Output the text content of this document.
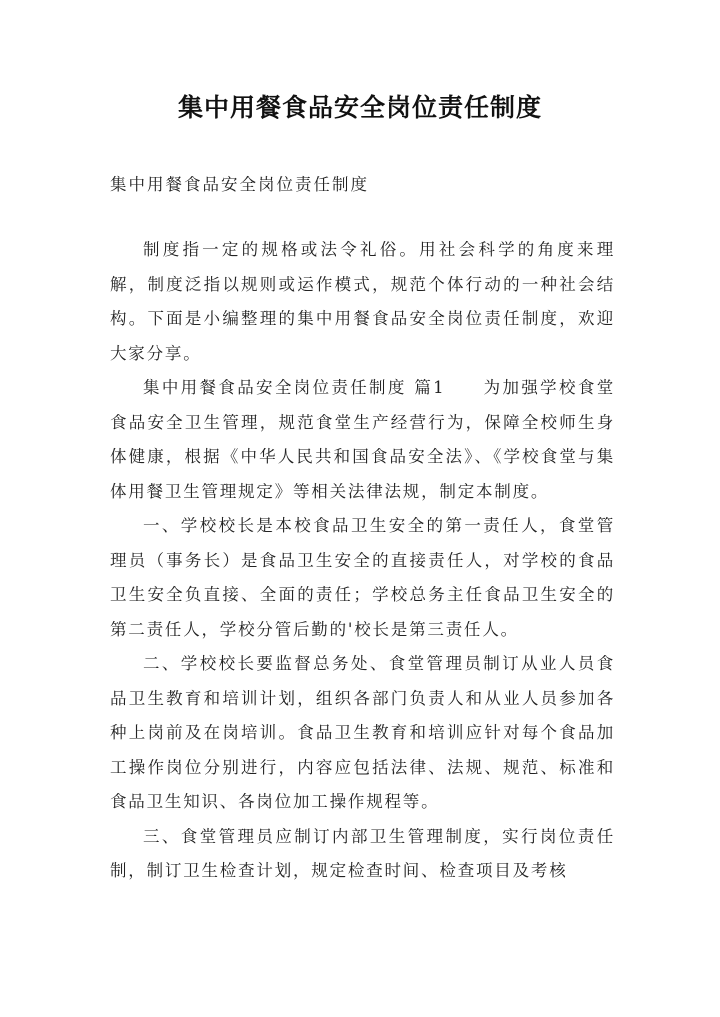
集中用餐食品安全岗位责任制度
集中用餐食品安全岗位责任制度

制度指一定的规格或法令礼俗。用社会科学的角度来理解，制度泛指以规则或运作模式，规范个体行动的一种社会结构。下面是小编整理的集中用餐食品安全岗位责任制度，欢迎大家分享。

集中用餐食品安全岗位责任制度 篇1　　为加强学校食堂食品安全卫生管理，规范食堂生产经营行为，保障全校师生身体健康，根据《中华人民共和国食品安全法》、《学校食堂与集体用餐卫生管理规定》等相关法律法规，制定本制度。

一、学校校长是本校食品卫生安全的第一责任人，食堂管理员（事务长）是食品卫生安全的直接责任人，对学校的食品卫生安全负直接、全面的责任；学校总务主任食品卫生安全的第二责任人，学校分管后勤的'校长是第三责任人。

二、学校校长要监督总务处、食堂管理员制订从业人员食品卫生教育和培训计划，组织各部门负责人和从业人员参加各种上岗前及在岗培训。食品卫生教育和培训应针对每个食品加工操作岗位分别进行，内容应包括法律、法规、规范、标准和食品卫生知识、各岗位加工操作规程等。

三、食堂管理员应制订内部卫生管理制度，实行岗位责任制，制订卫生检查计划，规定检查时间、检查项目及考核
